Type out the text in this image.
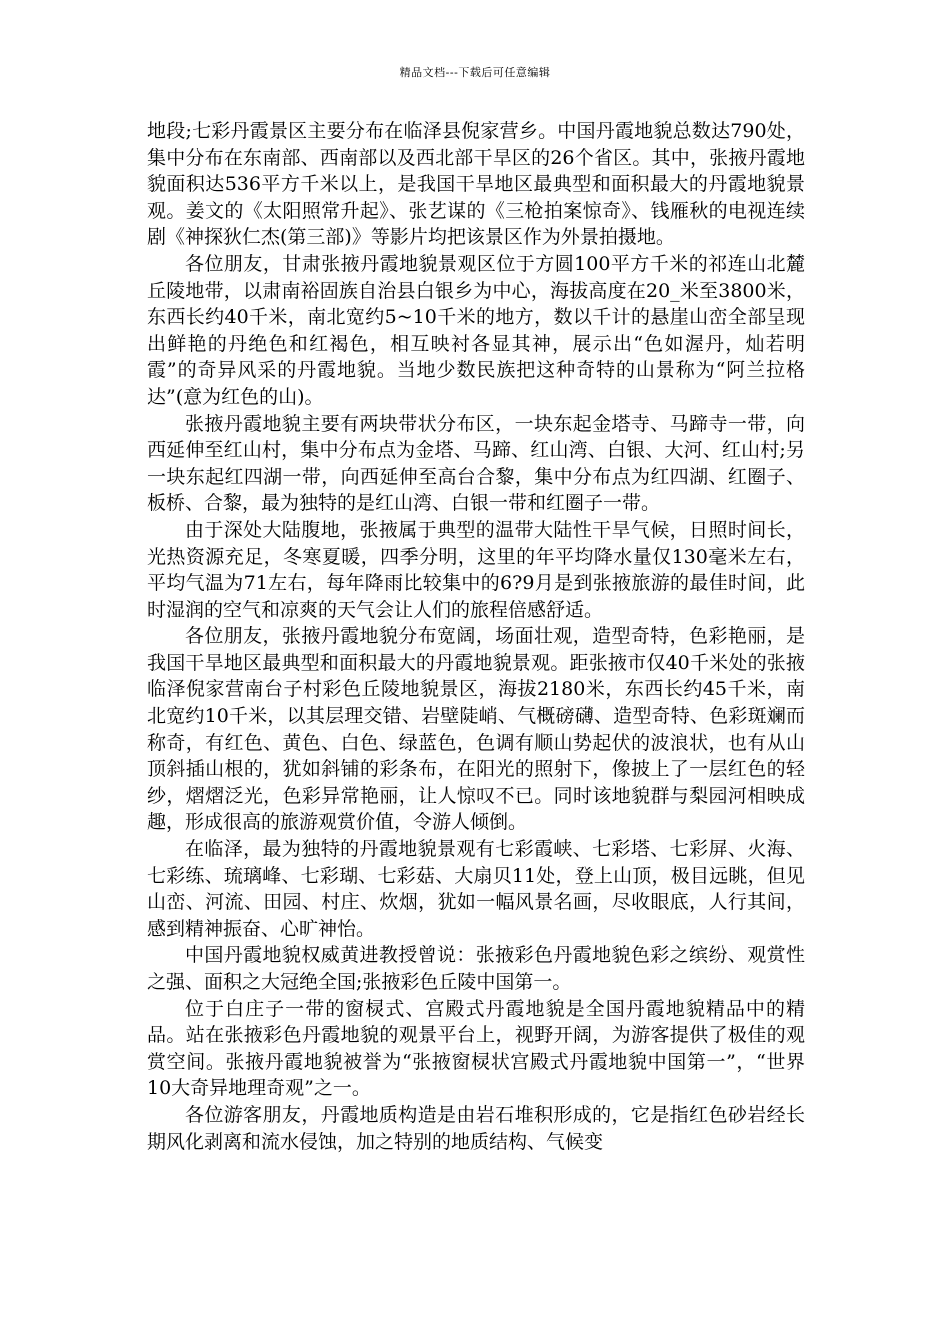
精品文档---下载后可任意编辑

地段;七彩丹霞景区主要分布在临泽县倪家营乡。中国丹霞地貌总数达790处，集中分布在东南部、西南部以及西北部干旱区的26个省区。其中，张掖丹霞地貌面积达536平方千米以上，是我国干旱地区最典型和面积最大的丹霞地貌景观。姜文的《太阳照常升起》、张艺谋的《三枪拍案惊奇》、钱雁秋的电视连续剧《神探狄仁杰(第三部)》等影片均把该景区作为外景拍摄地。

各位朋友，甘肃张掖丹霞地貌景观区位于方圆100平方千米的祁连山北麓丘陵地带，以肃南裕固族自治县白银乡为中心，海拔高度在20_米至3800米，东西长约40千米，南北宽约5~10千米的地方，数以千计的悬崖山峦全部呈现出鲜艳的丹绝色和红褐色，相互映衬各显其神，展示出“色如渥丹，灿若明霞”的奇异风采的丹霞地貌。当地少数民族把这种奇特的山景称为“阿兰拉格达”(意为红色的山)。

张掖丹霞地貌主要有两块带状分布区，一块东起金塔寺、马蹄寺一带，向西延伸至红山村，集中分布点为金塔、马蹄、红山湾、白银、大河、红山村;另一块东起红四湖一带，向西延伸至高台合黎，集中分布点为红四湖、红圈子、板桥、合黎，最为独特的是红山湾、白银一带和红圈子一带。

由于深处大陆腹地，张掖属于典型的温带大陆性干旱气候，日照时间长，光热资源充足，冬寒夏暖，四季分明，这里的年平均降水量仅130毫米左右，平均气温为71左右，每年降雨比较集中的6?9月是到张掖旅游的最佳时间，此时湿润的空气和凉爽的天气会让人们的旅程倍感舒适。

各位朋友，张掖丹霞地貌分布宽阔，场面壮观，造型奇特，色彩艳丽，是我国干旱地区最典型和面积最大的丹霞地貌景观。距张掖市仅40千米处的张掖临泽倪家营南台子村彩色丘陵地貌景区，海拔2180米，东西长约45千米，南北宽约10千米，以其层理交错、岩壁陡峭、气概磅礴、造型奇特、色彩斑斓而称奇，有红色、黄色、白色、绿蓝色，色调有顺山势起伏的波浪状，也有从山顶斜插山根的，犹如斜铺的彩条布，在阳光的照射下，像披上了一层红色的轻纱，熠熠泛光，色彩异常艳丽，让人惊叹不已。同时该地貌群与梨园河相映成趣，形成很高的旅游观赏价值，令游人倾倒。

在临泽，最为独特的丹霞地貌景观有七彩霞峡、七彩塔、七彩屏、火海、七彩练、琉璃峰、七彩瑚、七彩菇、大扇贝11处，登上山顶，极目远眺，但见山峦、河流、田园、村庄、炊烟，犹如一幅风景名画，尽收眼底，人行其间，感到精神振奋、心旷神怡。

中国丹霞地貌权威黄进教授曾说：张掖彩色丹霞地貌色彩之缤纷、观赏性之强、面积之大冠绝全国;张掖彩色丘陵中国第一。

位于白庄子一带的窗棂式、宫殿式丹霞地貌是全国丹霞地貌精品中的精品。站在张掖彩色丹霞地貌的观景平台上，视野开阔，为游客提供了极佳的观赏空间。张掖丹霞地貌被誉为“张掖窗棂状宫殿式丹霞地貌中国第一”，“世界10大奇异地理奇观”之一。

各位游客朋友，丹霞地质构造是由岩石堆积形成的，它是指红色砂岩经长期风化剥离和流水侵蚀，加之特别的地质结构、气候变
